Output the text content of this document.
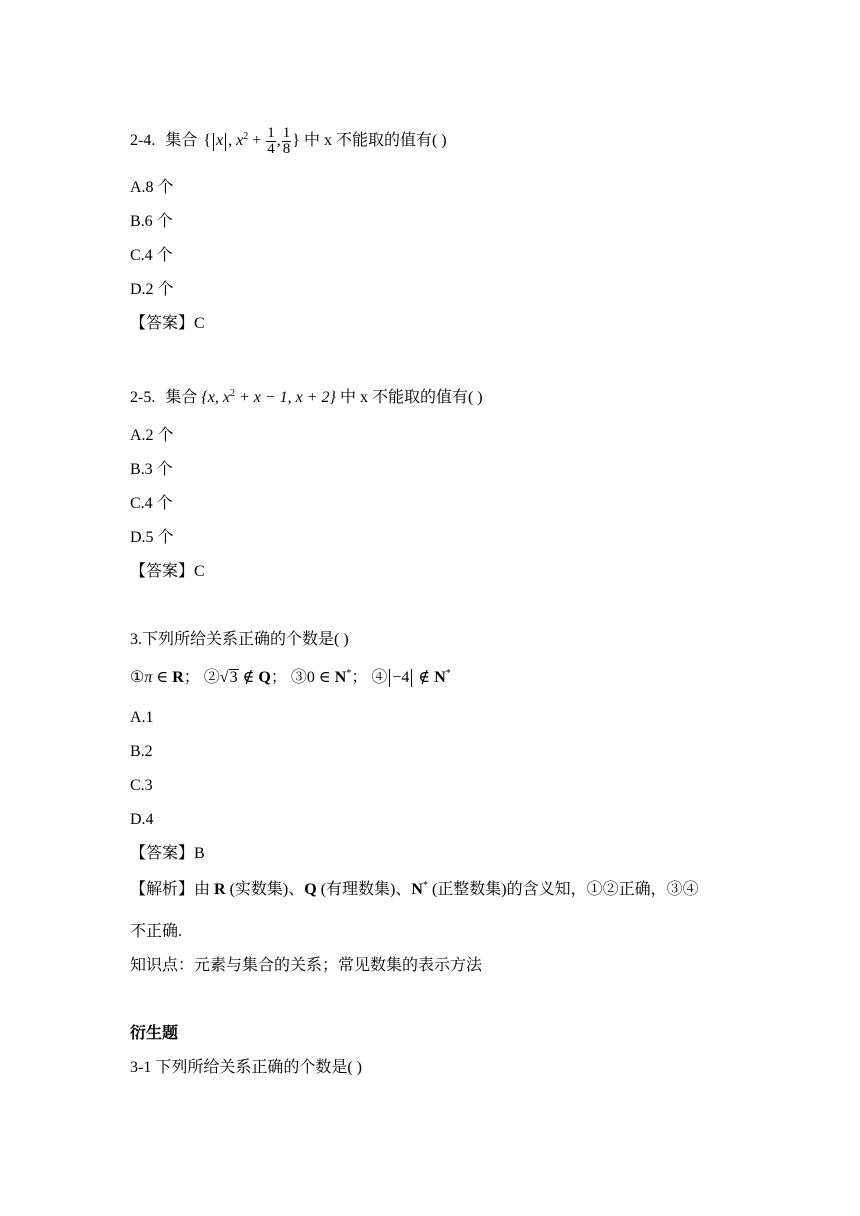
2-4. 集合 { x , $x^2 + \frac{1}{4}$ , $\frac{1}{8}$ } 中 x 不能取的值有( )
A.8 个
B.6 个
C.4 个
D.2 个
【答案】C
2-5. 集合 {x, $x^2 + x - 1$, x + 2} 中 x 不能取的值有( )
A.2 个
B.3 个
C.4 个
D.5 个
【答案】C
3.下列所给关系正确的个数是( )
①π ∈ R； ②√3 ∉ Q； ③0 ∈ N*； ④ −4 ∉ N*
A.1
B.2
C.3
D.4
【答案】B
【解析】由 R (实数集)、Q (有理数集)、N* (正整数集)的含义知，①②正确，③④
不正确.
知识点：元素与集合的关系；常见数集的表示方法
衍生题
3-1 下列所给关系正确的个数是( )
